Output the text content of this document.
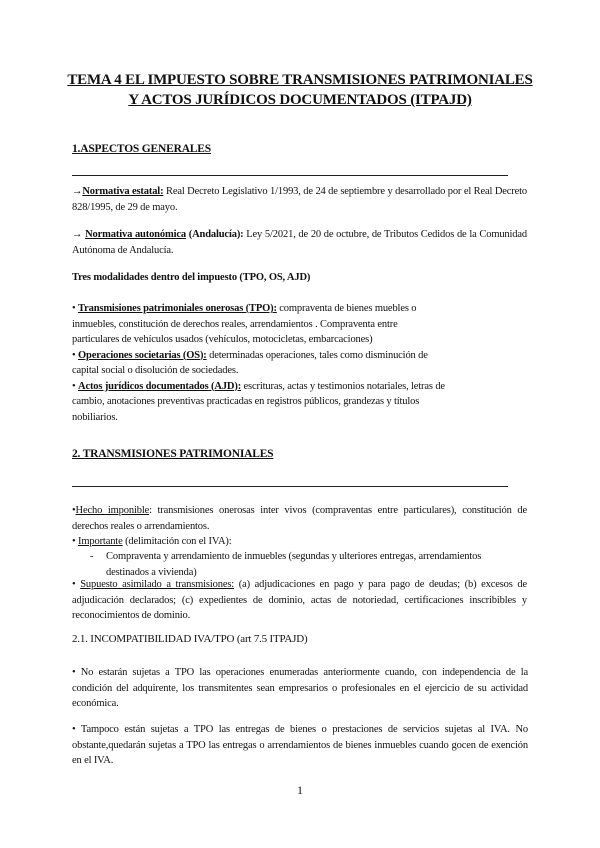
TEMA 4 EL IMPUESTO SOBRE TRANSMISIONES PATRIMONIALES
Y ACTOS JURÍDICOS DOCUMENTADOS (ITPAJD)
1.ASPECTOS GENERALES
→Normativa estatal: Real Decreto Legislativo 1/1993, de 24 de septiembre y desarrollado por el Real Decreto 828/1995, de 29 de mayo.
→ Normativa autonómica (Andalucía): Ley 5/2021, de 20 de octubre, de Tributos Cedidos de la Comunidad Autónoma de Andalucía.
Tres modalidades dentro del impuesto (TPO, OS, AJD)
• Transmisiones patrimoniales onerosas (TPO): compraventa de bienes muebles o
inmuebles, constitución de derechos reales, arrendamientos . Compraventa entre
particulares de vehículos usados (vehículos, motocicletas, embarcaciones)
• Operaciones societarias (OS): determinadas operaciones, tales como disminución de
capital social o disolución de sociedades.
• Actos jurídicos documentados (AJD): escrituras, actas y testimonios notariales, letras de
cambio, anotaciones preventivas practicadas en registros públicos, grandezas y títulos
nobiliarios.
2. TRANSMISIONES PATRIMONIALES
•Hecho imponible: transmisiones onerosas inter vivos (compraventas entre particulares), constitución de derechos reales o arrendamientos.
• Importante (delimitación con el IVA):
- Compraventa y arrendamiento de inmuebles (segundas y ulteriores entregas, arrendamientos
destinados a vivienda)
• Supuesto asimilado a transmisiones: (a) adjudicaciones en pago y para pago de deudas; (b) excesos de adjudicación declarados; (c) expedientes de dominio, actas de notoriedad, certificaciones inscribibles y reconocimientos de dominio.
2.1. INCOMPATIBILIDAD IVA/TPO (art 7.5 ITPAJD)
• No estarán sujetas a TPO las operaciones enumeradas anteriormente cuando, con independencia de la condición del adquirente, los transmitentes sean empresarios o profesionales en el ejercicio de su actividad económica.
• Tampoco están sujetas a TPO las entregas de bienes o prestaciones de servicios sujetas al IVA. No obstante,quedarán sujetas a TPO las entregas o arrendamientos de bienes inmuebles cuando gocen de exención en el IVA.
1
